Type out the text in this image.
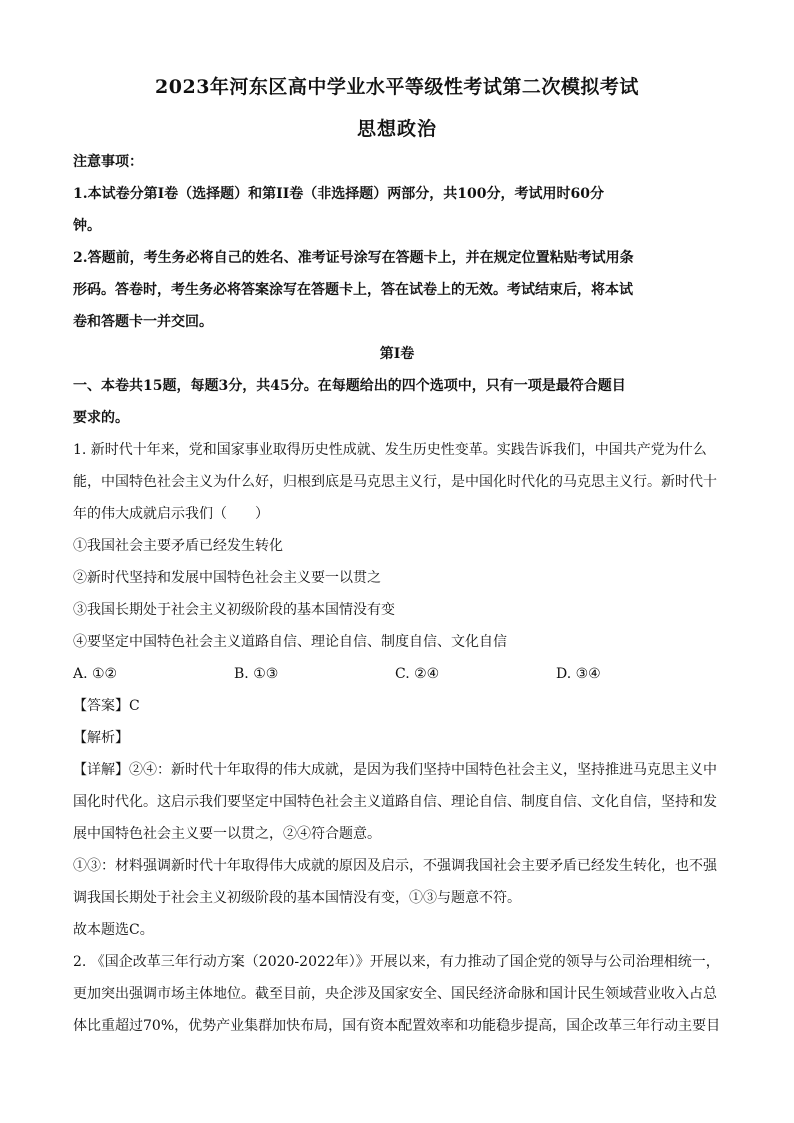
2023年河东区高中学业水平等级性考试第二次模拟考试
思想政治
注意事项：
1.本试卷分第Ⅰ卷（选择题）和第II卷（非选择题）两部分，共100分，考试用时60分
钟。
2.答题前，考生务必将自己的姓名、准考证号涂写在答题卡上，并在规定位置粘贴考试用条
形码。答卷时，考生务必将答案涂写在答题卡上，答在试卷上的无效。考试结束后，将本试
卷和答题卡一并交回。
第Ⅰ卷
一、本卷共15题，每题3分，共45分。在每题给出的四个选项中，只有一项是最符合题目
要求的。
1. 新时代十年来，党和国家事业取得历史性成就、发生历史性变革。实践告诉我们，中国共产党为什么
能，中国特色社会主义为什么好，归根到底是马克思主义行，是中国化时代化的马克思主义行。新时代十
年的伟大成就启示我们（　　）
①我国社会主要矛盾已经发生转化
②新时代坚持和发展中国特色社会主义要一以贯之
③我国长期处于社会主义初级阶段的基本国情没有变
④要坚定中国特色社会主义道路自信、理论自信、制度自信、文化自信
A. ①②	B. ①③	C. ②④	D. ③④
【答案】C
【解析】
【详解】②④：新时代十年取得的伟大成就，是因为我们坚持中国特色社会主义，坚持推进马克思主义中
国化时代化。这启示我们要坚定中国特色社会主义道路自信、理论自信、制度自信、文化自信，坚持和发
展中国特色社会主义要一以贯之，②④符合题意。
①③：材料强调新时代十年取得伟大成就的原因及启示，不强调我国社会主要矛盾已经发生转化，也不强
调我国长期处于社会主义初级阶段的基本国情没有变，①③与题意不符。
故本题选C。
2. 《国企改革三年行动方案（2020-2022年）》开展以来，有力推动了国企党的领导与公司治理相统一，
更加突出强调市场主体地位。截至目前，央企涉及国家安全、国民经济命脉和国计民生领域营业收入占总
体比重超过70%，优势产业集群加快布局，国有资本配置效率和功能稳步提高，国企改革三年行动主要目
